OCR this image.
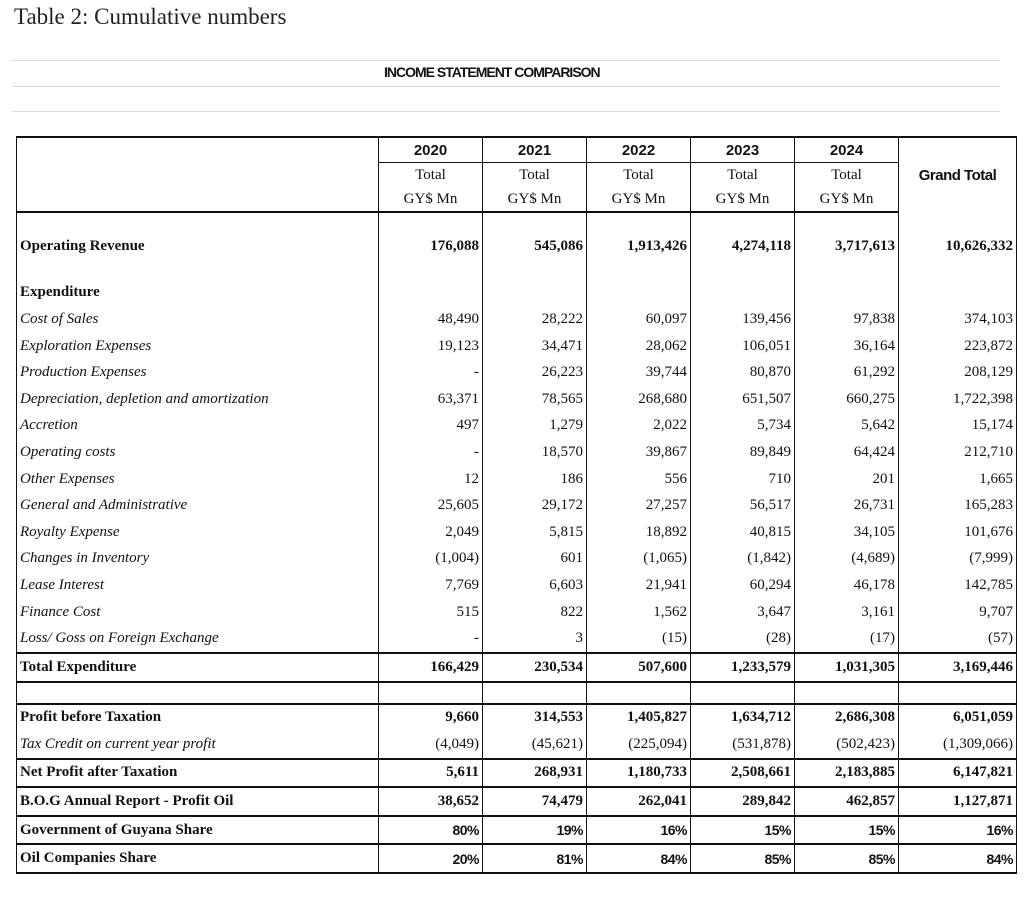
Table 2: Cumulative numbers
INCOME STATEMENT COMPARISON
	2020	2021	2022	2023	2024	Grand Total
	Total	Total	Total	Total	Total	
	GY$ Mn	GY$ Mn	GY$ Mn	GY$ Mn	GY$ Mn	

Operating Revenue	176,088	545,086	1,913,426	4,274,118	3,717,613	10,626,332

Expenditure						
Cost of Sales	48,490	28,222	60,097	139,456	97,838	374,103
Exploration Expenses	19,123	34,471	28,062	106,051	36,164	223,872
Production Expenses	-	26,223	39,744	80,870	61,292	208,129
Depreciation, depletion and amortization	63,371	78,565	268,680	651,507	660,275	1,722,398
Accretion	497	1,279	2,022	5,734	5,642	15,174
Operating costs	-	18,570	39,867	89,849	64,424	212,710
Other Expenses	12	186	556	710	201	1,665
General and Administrative	25,605	29,172	27,257	56,517	26,731	165,283
Royalty Expense	2,049	5,815	18,892	40,815	34,105	101,676
Changes in Inventory	(1,004)	601	(1,065)	(1,842)	(4,689)	(7,999)
Lease Interest	7,769	6,603	21,941	60,294	46,178	142,785
Finance Cost	515	822	1,562	3,647	3,161	9,707
Loss/ Goss on Foreign Exchange	-	3	(15)	(28)	(17)	(57)
Total Expenditure	166,429	230,534	507,600	1,233,579	1,031,305	3,169,446

Profit before Taxation	9,660	314,553	1,405,827	1,634,712	2,686,308	6,051,059
Tax Credit on current year profit	(4,049)	(45,621)	(225,094)	(531,878)	(502,423)	(1,309,066)
Net Profit after Taxation	5,611	268,931	1,180,733	2,508,661	2,183,885	6,147,821
B.O.G Annual Report - Profit Oil	38,652	74,479	262,041	289,842	462,857	1,127,871
Government of Guyana Share	80%	19%	16%	15%	15%	16%
Oil Companies Share	20%	81%	84%	85%	85%	84%
